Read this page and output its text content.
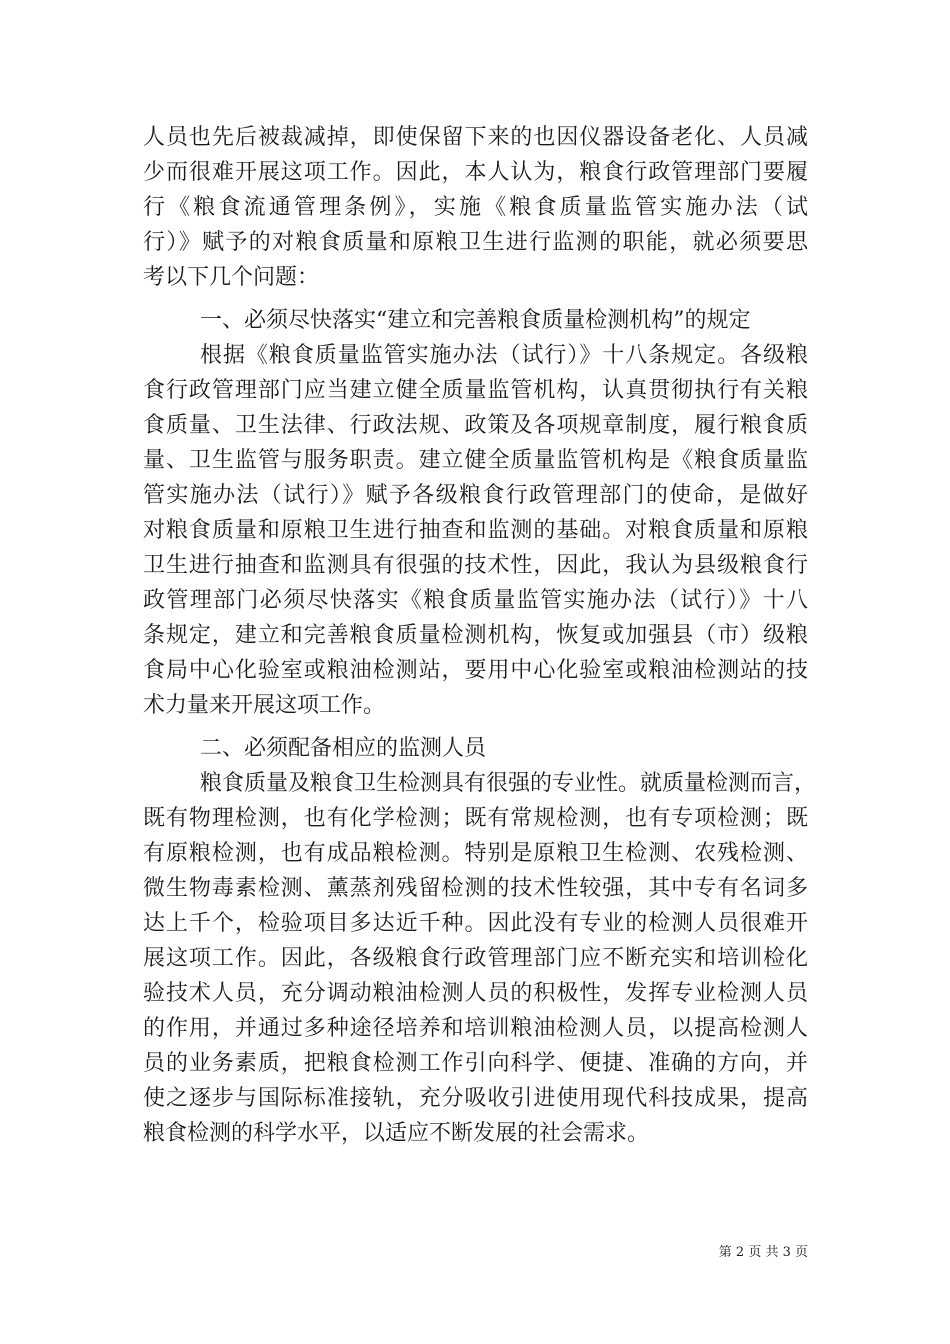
人员也先后被裁减掉，即使保留下来的也因仪器设备老化、人员减
少而很难开展这项工作。因此，本人认为，粮食行政管理部门要履
行《粮食流通管理条例》，实施《粮食质量监管实施办法（试
行）》赋予的对粮食质量和原粮卫生进行监测的职能，就必须要思
考以下几个问题：
一、必须尽快落实“建立和完善粮食质量检测机构”的规定
根据《粮食质量监管实施办法（试行）》十八条规定。各级粮
食行政管理部门应当建立健全质量监管机构，认真贯彻执行有关粮
食质量、卫生法律、行政法规、政策及各项规章制度，履行粮食质
量、卫生监管与服务职责。建立健全质量监管机构是《粮食质量监
管实施办法（试行）》赋予各级粮食行政管理部门的使命，是做好
对粮食质量和原粮卫生进行抽查和监测的基础。对粮食质量和原粮
卫生进行抽查和监测具有很强的技术性，因此，我认为县级粮食行
政管理部门必须尽快落实《粮食质量监管实施办法（试行）》十八
条规定，建立和完善粮食质量检测机构，恢复或加强县（市）级粮
食局中心化验室或粮油检测站，要用中心化验室或粮油检测站的技
术力量来开展这项工作。
二、必须配备相应的监测人员
粮食质量及粮食卫生检测具有很强的专业性。就质量检测而言，
既有物理检测，也有化学检测；既有常规检测，也有专项检测；既
有原粮检测，也有成品粮检测。特别是原粮卫生检测、农残检测、
微生物毒素检测、薰蒸剂残留检测的技术性较强，其中专有名词多
达上千个，检验项目多达近千种。因此没有专业的检测人员很难开
展这项工作。因此，各级粮食行政管理部门应不断充实和培训检化
验技术人员，充分调动粮油检测人员的积极性，发挥专业检测人员
的作用，并通过多种途径培养和培训粮油检测人员，以提高检测人
员的业务素质，把粮食检测工作引向科学、便捷、准确的方向，并
使之逐步与国际标准接轨，充分吸收引进使用现代科技成果，提高
粮食检测的科学水平，以适应不断发展的社会需求。
第 2 页 共 3 页
